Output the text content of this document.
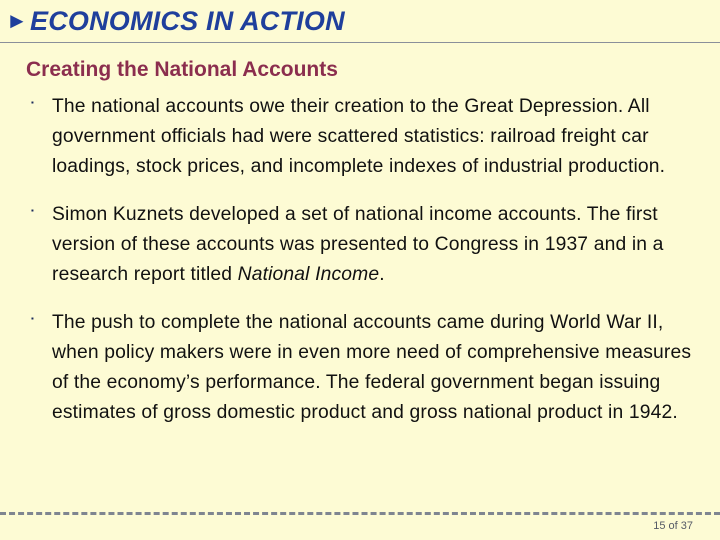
►ECONOMICS IN ACTION
Creating the National Accounts
▪
The national accounts owe their creation to the Great Depression. All government officials had were scattered statistics: railroad freight car loadings, stock prices, and incomplete indexes of industrial production.
▪
Simon Kuznets developed a set of national income accounts. The first version of these accounts was presented to Congress in 1937 and in a research report titled National Income.
▪
The push to complete the national accounts came during World War II, when policy makers were in even more need of comprehensive measures of the economy’s performance. The federal government began issuing estimates of gross domestic product and gross national product in 1942.
15 of 37
